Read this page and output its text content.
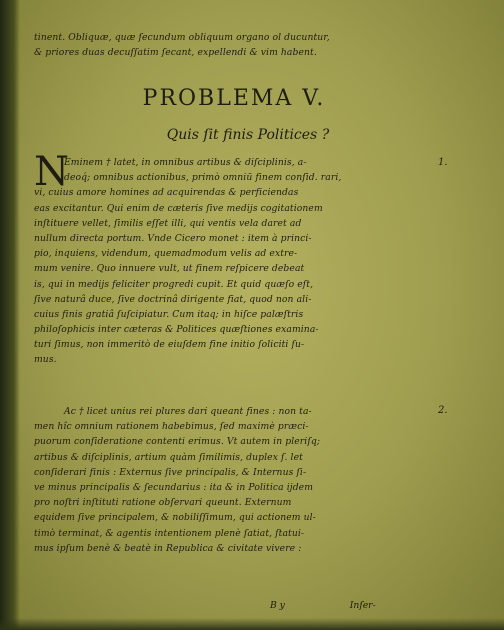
tinent. Obliquæ, quæ ſecundum obliquum organo ol ducuntur,
& priores duas decuſſatim ſecant, expellendi & vim habent.
PROBLEMA V.
Quis ſit finis Politices ?
N
Eminem † latet, in omnibus artibus & diſciplinis, a-
deoq́; omnibus actionibus, primò omniū finem conſid. rari,
vi, cuius amore homines ad acquirendas & perficiendas
eas excitantur. Qui enim de cæteris ſive medijs cogitationem
inſtituere vellet, ſimilis eſſet illi, qui ventis vela daret ad
nullum directa portum. Vnde Cicero monet : item à princi-
pio, inquiens, videndum, quemadmodum velis ad extre-
mum venire. Quo innuere vult, ut finem reſpicere debeat
is, qui in medijs feliciter progredi cupit. Et quid quæſo eſt,
ſive naturâ duce, ſive doctrinâ dirigente fiat, quod non ali-
cuius finis gratiâ ſuſcipiatur. Cum itaq; in hiſce palæſtris
philoſophicis inter cæteras & Politices quæſtiones examina-
turi ſimus, non immeritò de eiuſdem fine initio ſoliciti ſu-
mus.
Ac † licet unius rei plures dari queant fines : non ta-
men hîc omnium rationem habebimus, ſed maximè præci-
puorum conſideratione contenti erimus. Vt autem in pleriſq;
artibus & diſciplinis, artium quàm ſimilimis, duplex ſ. let
conſiderari finis : Externus ſive principalis, & Internus ſi-
ve minus principalis & ſecundarius : ita & in Politica ijdem
pro noſtri inſtituti ratione obſervari queunt. Externum
equidem ſive principalem, & nobiliſſimum, qui actionem ul-
timò terminat, & agentis intentionem plenè ſatiat, ſtatui-
mus ipſum benè & beatè in Republica & civitate vivere :
1.
2.
B y	Inſer-
